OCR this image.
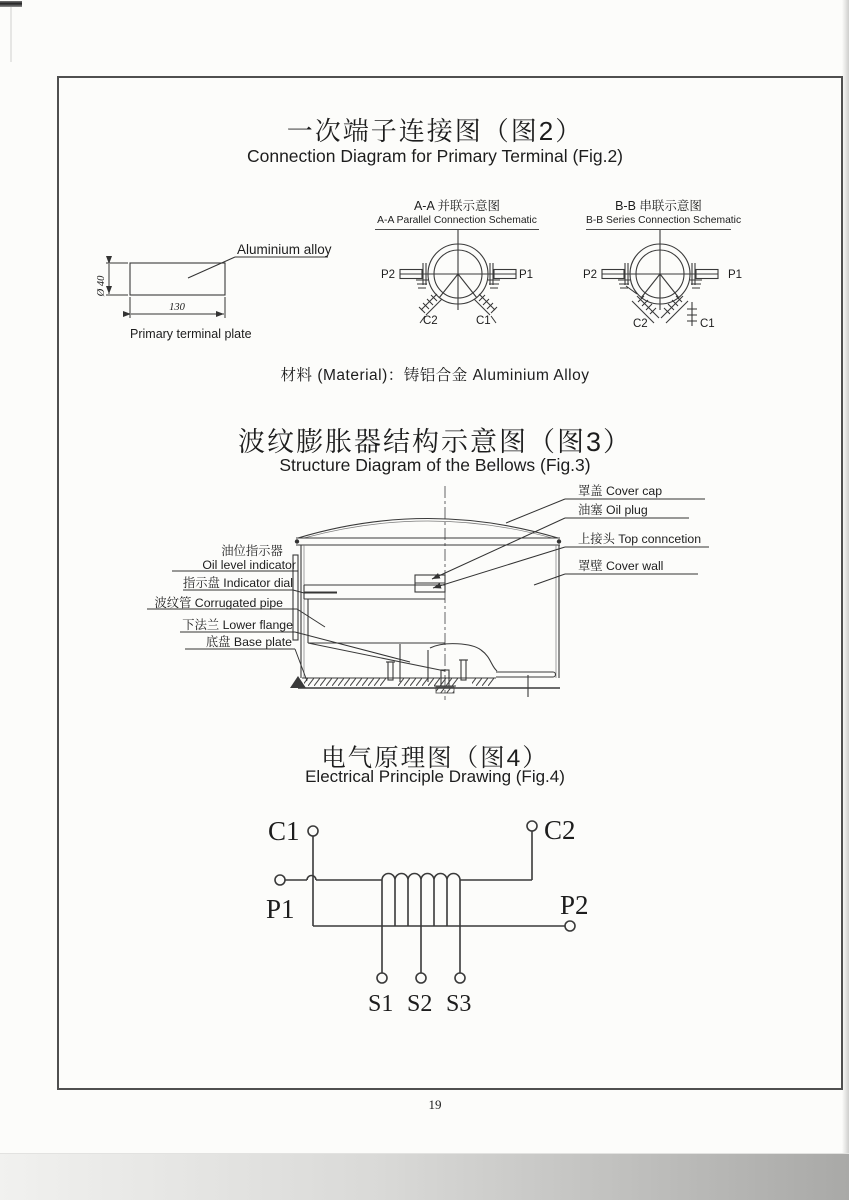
一次端子连接图（图2）
Connection Diagram for Primary Terminal (Fig.2)
A-A 并联示意图
A-A Parallel Connection Schematic
B-B 串联示意图
B-B Series Connection Schematic
Aluminium alloy
Ø 40
130
Primary terminal plate
P2	P1
C2	C1
P2	P1
C2	C1
材料 (Material)：铸铝合金 Aluminium Alloy
波纹膨胀器结构示意图（图3）
Structure Diagram of the Bellows (Fig.3)
罩盖 Cover cap
油塞 Oil plug
上接头 Top conncetion
罩壁 Cover wall
油位指示器
Oil level indicator
指示盘 Indicator dial
波纹管 Corrugated pipe
下法兰 Lower flange
底盘 Base plate
电气原理图（图4）
Electrical Principle Drawing (Fig.4)
C1	C2
P1	P2
S1 S2 S3
19
